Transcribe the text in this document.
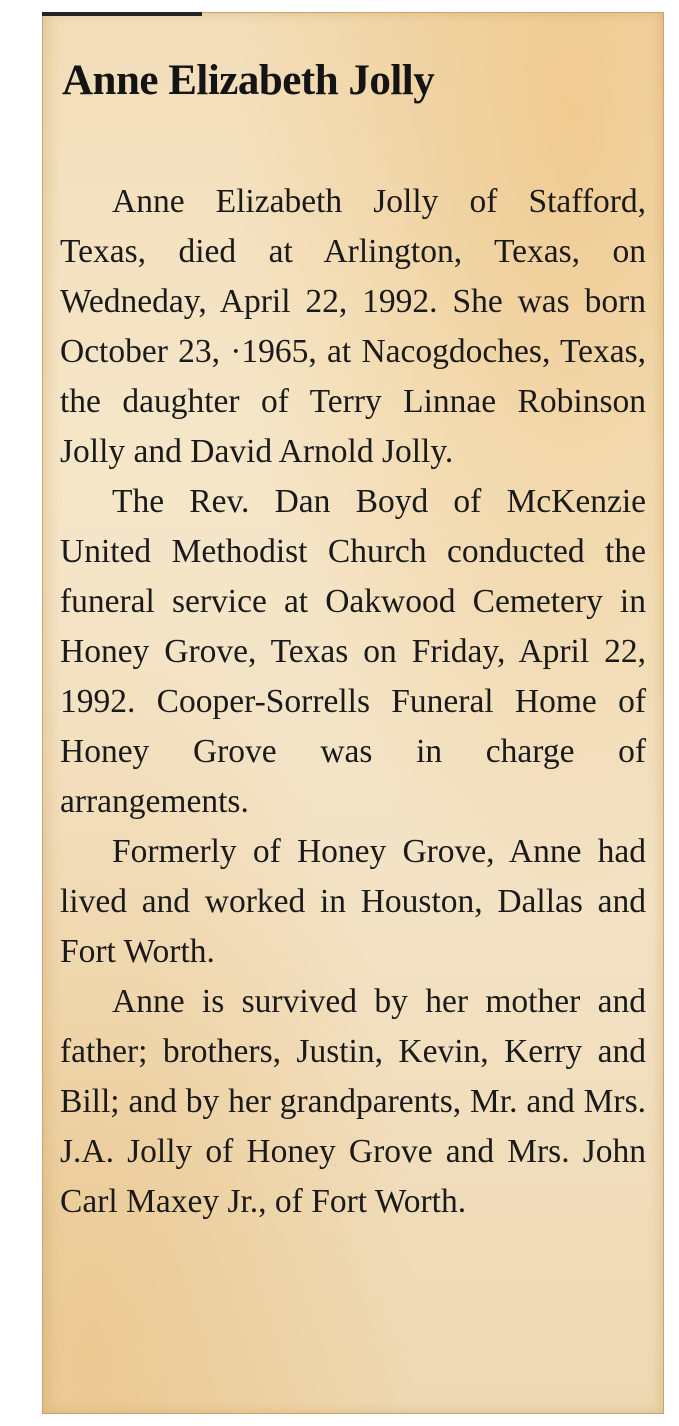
Anne Elizabeth Jolly

Anne Elizabeth Jolly of Stafford, Texas, died at Arlington, Texas, on Wedneday, April 22, 1992. She was born October 23, ·1965, at Nacogdoches, Texas, the daughter of Terry Linnae Robinson Jolly and David Arnold Jolly.

The Rev. Dan Boyd of McKenzie United Methodist Church conducted the funeral service at Oakwood Cemetery in Honey Grove, Texas on Friday, April 22, 1992. Cooper-Sorrells Funeral Home of Honey Grove was in charge of arrangements.

Formerly of Honey Grove, Anne had lived and worked in Houston, Dallas and Fort Worth.

Anne is survived by her mother and father; brothers, Justin, Kevin, Kerry and Bill; and by her grandparents, Mr. and Mrs. J.A. Jolly of Honey Grove and Mrs. John Carl Maxey Jr., of Fort Worth.
